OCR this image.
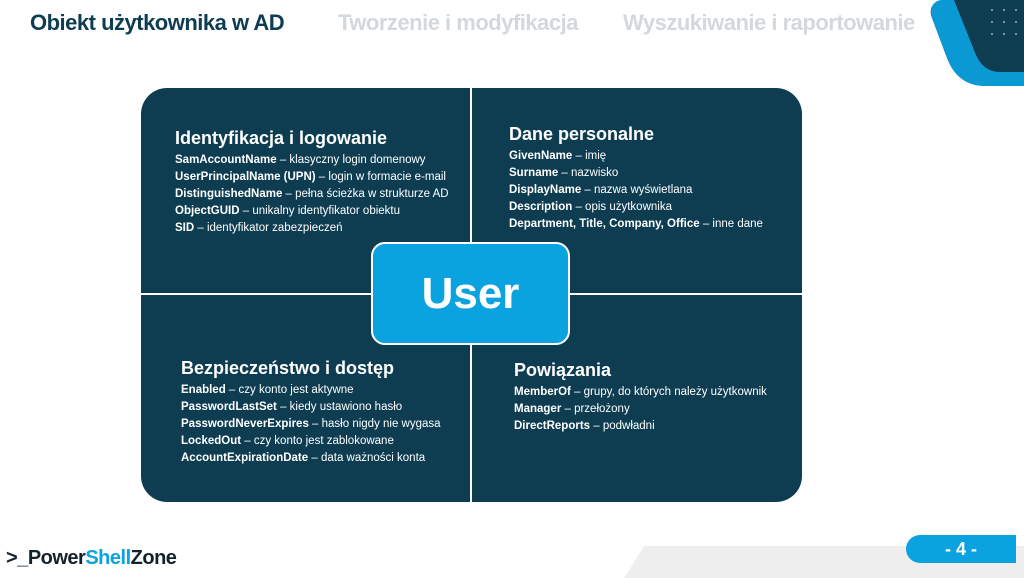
Obiekt użytkownika w AD Tworzenie i modyfikacja Wyszukiwanie i raportowanie
Identyfikacja i logowanie
SamAccountName – klasyczny login domenowy
UserPrincipalName (UPN) – login w formacie e-mail
DistinguishedName – pełna ścieżka w strukturze AD
ObjectGUID – unikalny identyfikator obiektu
SID – identyfikator zabezpieczeń
Dane personalne
GivenName – imię
Surname – nazwisko
DisplayName – nazwa wyświetlana
Description – opis użytkownika
Department, Title, Company, Office – inne dane
Bezpieczeństwo i dostęp
Enabled – czy konto jest aktywne
PasswordLastSet – kiedy ustawiono hasło
PasswordNeverExpires – hasło nigdy nie wygasa
LockedOut – czy konto jest zablokowane
AccountExpirationDate – data ważności konta
Powiązania
MemberOf – grupy, do których należy użytkownik
Manager – przełożony
DirectReports – podwładni
User
>_PowerShellZone	- 4 -
